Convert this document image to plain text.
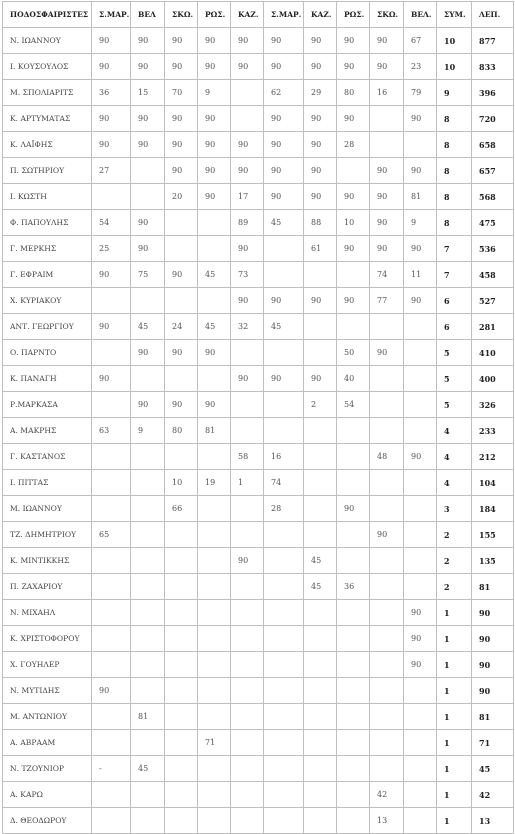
ΠΟΔΟΣΦΑΙΡΙΣΤΕΣ	Σ.ΜΑΡ.	ΒΕΛ	ΣΚΩ.	ΡΩΣ.	ΚΑΖ.	Σ.ΜΑΡ.	ΚΑΖ.	ΡΩΣ.	ΣΚΩ.	ΒΕΛ.	ΣΥΜ.	ΛΕΠ.
Ν. ΙΩΑΝΝΟΥ	90	90	90	90	90	90	90	90	90	67	10	877
Ι. ΚΟΥΣΟΥΛΟΣ	90	90	90	90	90	90	90	90	90	23	10	833
Μ. ΣΠΟΛΙΑΡΙΤΣ	36	15	70	9		62	29	80	16	79	9	396
Κ. ΑΡΤΥΜΑΤΑΣ	90	90	90	90		90	90	90		90	8	720
Κ. ΛΑΪΦΗΣ	90	90	90	90	90	90	90	28			8	658
Π. ΣΩΤΗΡΙΟΥ	27		90	90	90	90	90		90	90	8	657
Ι. ΚΩΣΤΗ			20	90	17	90	90	90	90	81	8	568
Φ. ΠΑΠΟΥΛΗΣ	54	90			89	45	88	10	90	9	8	475
Γ. ΜΕΡΚΗΣ	25	90			90		61	90	90	90	7	536
Γ. ΕΦΡΑΙΜ	90	75	90	45	73				74	11	7	458
Χ. ΚΥΡΙΑΚΟΥ					90	90	90	90	77	90	6	527
ΑΝΤ. ΓΕΩΡΓΙΟΥ	90	45	24	45	32	45					6	281
Ο. ΠΑΡΝΤΟ		90	90	90				50	90		5	410
Κ. ΠΑΝΑΓΗ	90				90	90	90	40			5	400
Ρ.ΜΑΡΚΑΣΑ		90	90	90			2	54			5	326
Α. ΜΑΚΡΗΣ	63	9	80	81							4	233
Γ. ΚΑΣΤΑΝΟΣ					58	16			48	90	4	212
Ι. ΠΙΤΤΑΣ			10	19	1	74					4	104
Μ. ΙΩΑΝΝΟΥ			66			28		90			3	184
ΤΖ. ΔΗΜΗΤΡΙΟΥ	65								90		2	155
Κ. ΜΙΝΤΙΚΚΗΣ					90		45				2	135
Π. ΖΑΧΑΡΙΟΥ							45	36			2	81
Ν. ΜΙΧΑΗΛ										90	1	90
Κ. ΧΡΙΣΤΟΦΟΡΟΥ										90	1	90
Χ. ΓΟΥΗΛΕΡ										90	1	90
Ν. ΜΥΤΙΔΗΣ	90										1	90
Μ. ΑΝΤΩΝΙΟΥ		81									1	81
Α. ΑΒΡΑΑΜ				71							1	71
Ν. ΤΖΟΥΝΙΟΡ	-	45									1	45
Α. ΚΑΡΩ									42		1	42
Δ. ΘΕΟΔΩΡΟΥ									13		1	13
